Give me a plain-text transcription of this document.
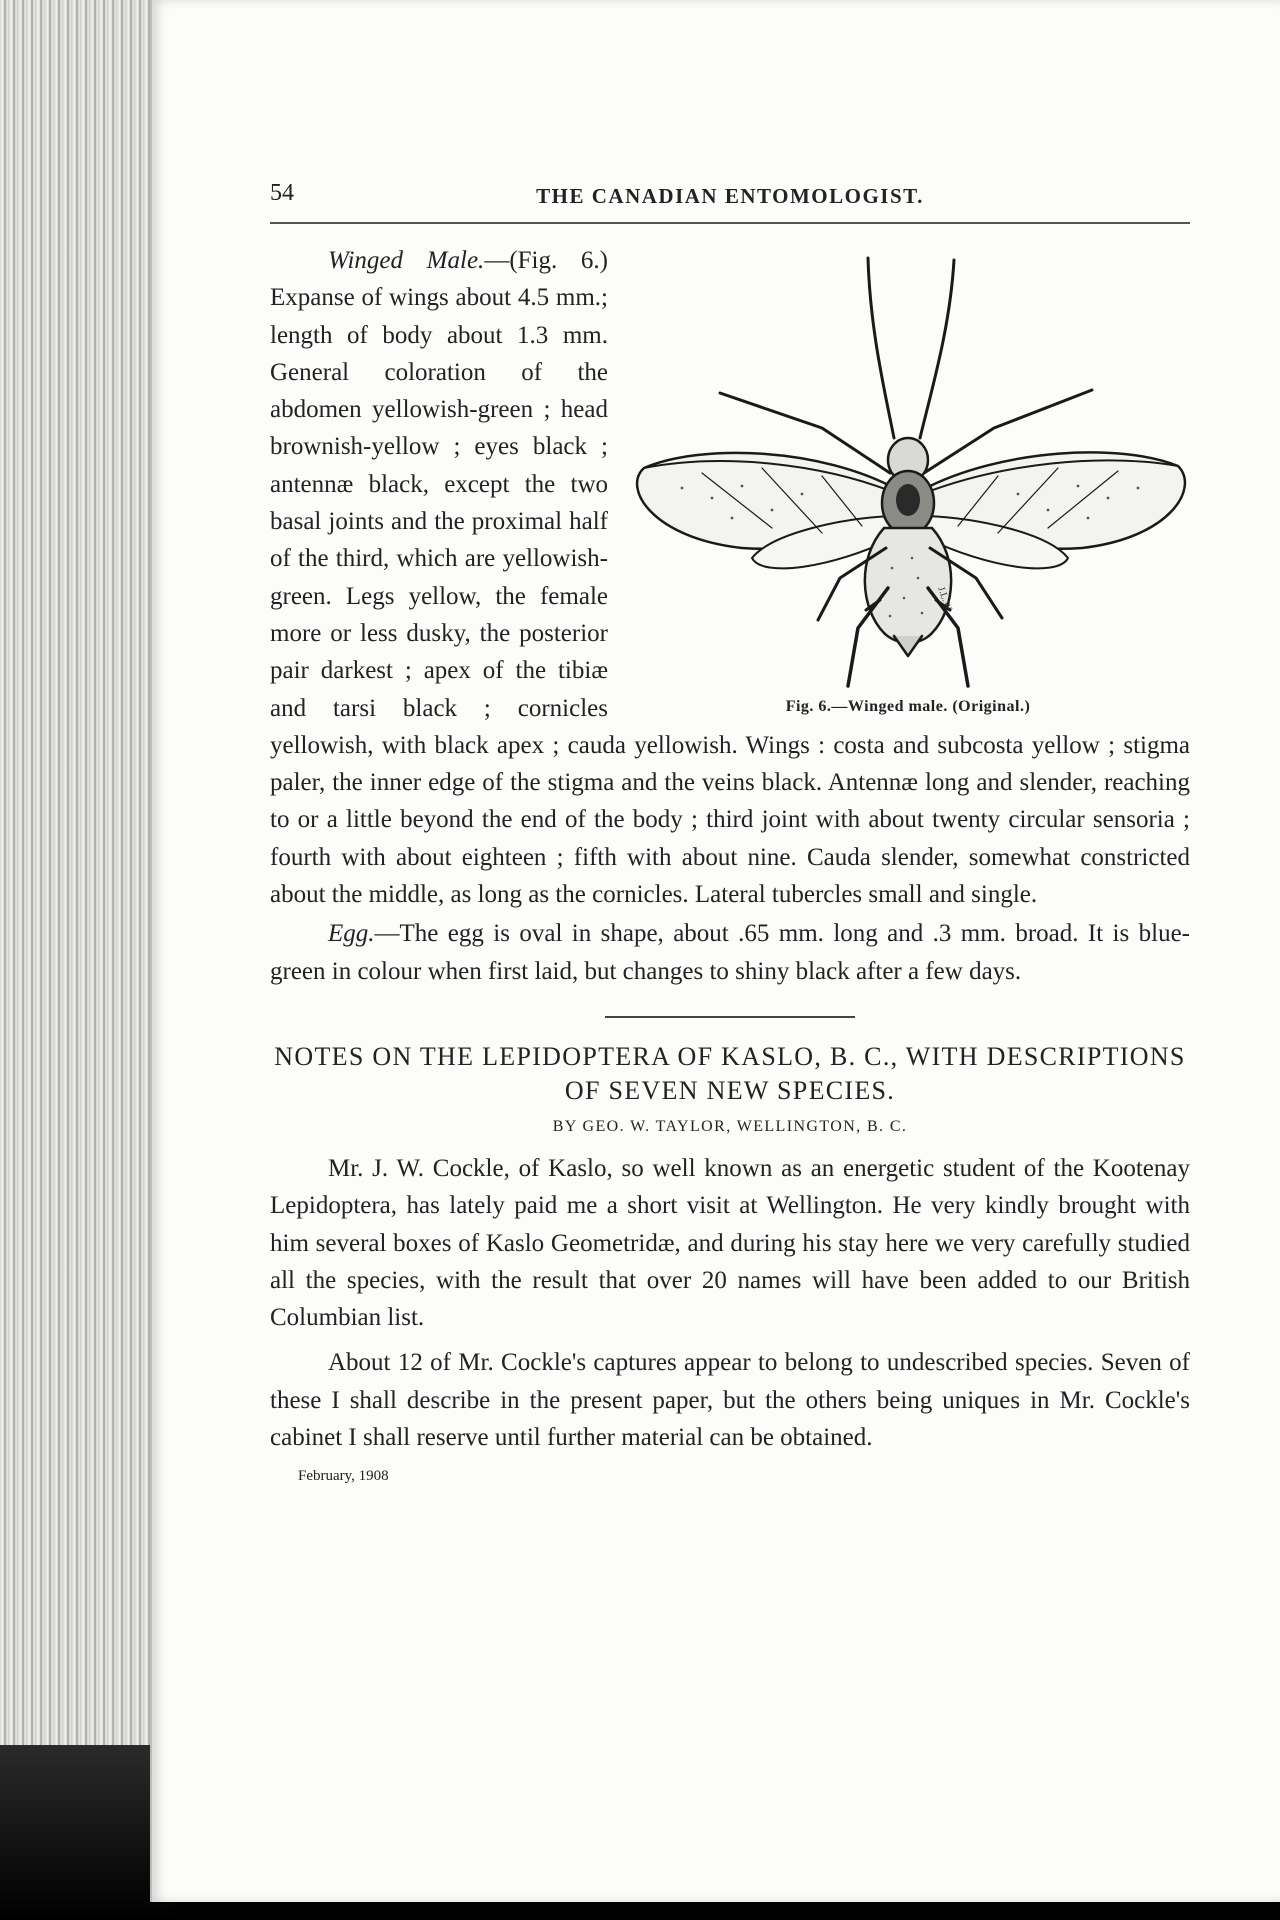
54	THE CANADIAN ENTOMOLOGIST.
J.L.W.
Fig. 6.—Winged male. (Original.)

Winged Male.—(Fig. 6.) Expanse of wings about 4.5 mm.; length of body about 1.3 mm. General coloration of the abdomen yellowish-green ; head brownish-yellow ; eyes black ; antennæ black, except the two basal joints and the proximal half of the third, which are yellowish-green. Legs yellow, the female more or less dusky, the posterior pair darkest ; apex of the tibiæ and tarsi black ; cornicles yellowish, with black apex ; cauda yellowish. Wings : costa and subcosta yellow ; stigma paler, the inner edge of the stigma and the veins black. Antennæ long and slender, reaching to or a little beyond the end of the body ; third joint with about twenty circular sensoria ; fourth with about eighteen ; fifth with about nine. Cauda slender, somewhat constricted about the middle, as long as the cornicles. Lateral tubercles small and single.

Egg.—The egg is oval in shape, about .65 mm. long and .3 mm. broad. It is blue-green in colour when first laid, but changes to shiny black after a few days.

NOTES ON THE LEPIDOPTERA OF KASLO, B. C., WITH DESCRIPTIONS OF SEVEN NEW SPECIES.
BY GEO. W. TAYLOR, WELLINGTON, B. C.

Mr. J. W. Cockle, of Kaslo, so well known as an energetic student of the Kootenay Lepidoptera, has lately paid me a short visit at Wellington. He very kindly brought with him several boxes of Kaslo Geometridæ, and during his stay here we very carefully studied all the species, with the result that over 20 names will have been added to our British Columbian list.

About 12 of Mr. Cockle's captures appear to belong to undescribed species. Seven of these I shall describe in the present paper, but the others being uniques in Mr. Cockle's cabinet I shall reserve until further material can be obtained.

February, 1908
